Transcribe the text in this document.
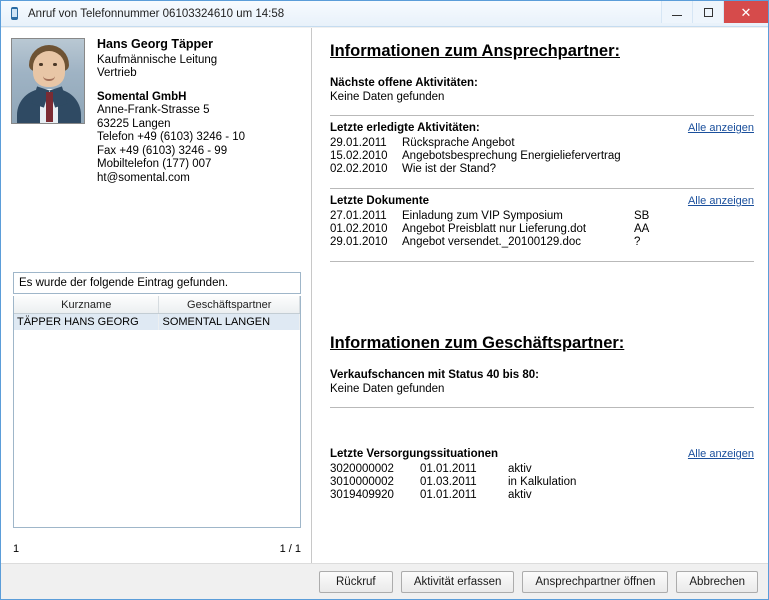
Anruf von Telefonnummer 06103324610 um 14:58	✕
Hans Georg Täpper
Kaufmännische Leitung
Vertrieb
Somental GmbH
Anne-Frank-Strasse 5
63225 Langen
Telefon +49 (6103) 3246 - 10
Fax +49 (6103) 3246 - 99
Mobiltelefon (177) 007
ht@somental.com
Es wurde der folgende Eintrag gefunden.
Kurzname	Geschäftspartner
TÄPPER HANS GEORG	SOMENTAL LANGEN
1	1 / 1
Informationen zum Ansprechpartner:
Nächste offene Aktivitäten:
Keine Daten gefunden
Letzte erledigte Aktivitäten:	Alle anzeigen
29.01.2011	Rücksprache Angebot
15.02.2010	Angebotsbesprechung Energieliefervertrag
02.02.2010	Wie ist der Stand?
Letzte Dokumente	Alle anzeigen
27.01.2011	Einladung zum VIP Symposium	SB
01.02.2010	Angebot Preisblatt nur Lieferung.dot	AA
29.01.2010	Angebot versendet._20100129.doc	?
Informationen zum Geschäftspartner:
Verkaufschancen mit Status 40 bis 80:
Keine Daten gefunden
Letzte Versorgungssituationen	Alle anzeigen
3020000002	01.01.2011	aktiv
3010000002	01.03.2011	in Kalkulation
3019409920	01.01.2011	aktiv
Rückruf	Aktivität erfassen	Ansprechpartner öffnen	Abbrechen
